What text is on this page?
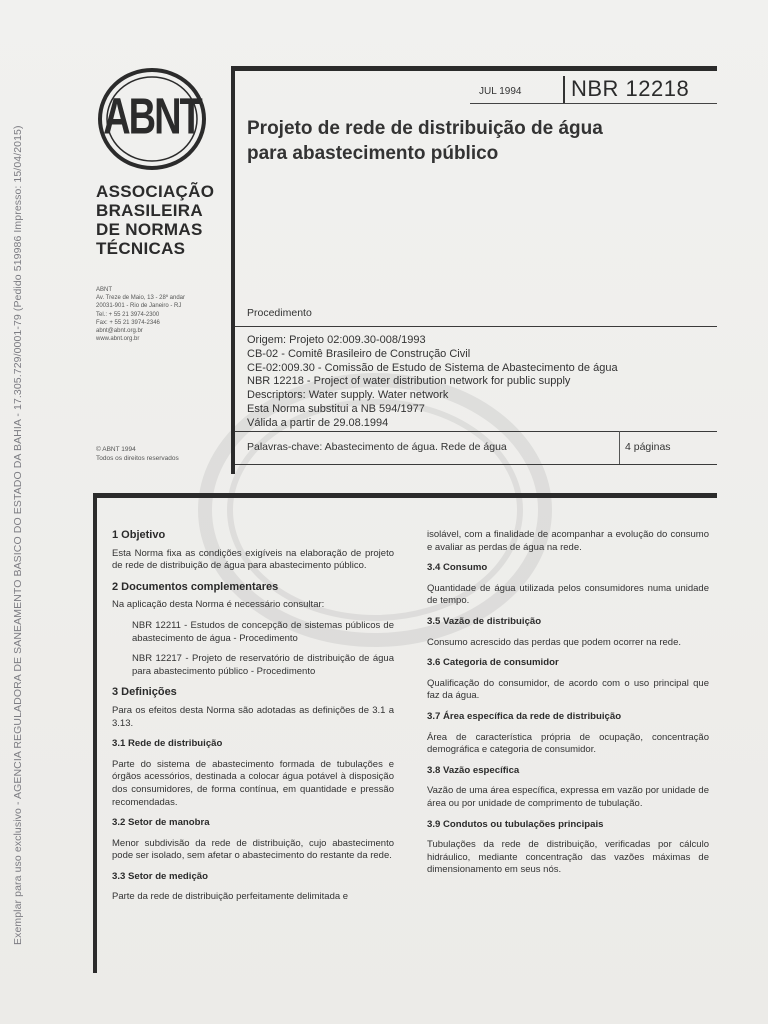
Exemplar para uso exclusivo - AGENCIA REGULADORA DE SANEAMENTO BASICO DO ESTADO DA BAHIA - 17.305.729/0001-79 (Pedido 519986 Impresso: 15/04/2015)
ABNT
ASSOCIAÇÃO
BRASILEIRA
DE NORMAS
TÉCNICAS
ABNT
Av. Treze de Maio, 13 - 28º andar
20031-901 - Rio de Janeiro - RJ
Tel.: + 55 21 3974-2300
Fax: + 55 21 3974-2346
abnt@abnt.org.br
www.abnt.org.br
© ABNT 1994
Todos os direitos reservados
JUL 1994 NBR 12218
Projeto de rede de distribuição de água
para abastecimento público
Procedimento
Origem: Projeto 02:009.30-008/1993
CB-02 - Comitê Brasileiro de Construção Civil
CE-02:009.30 - Comissão de Estudo de Sistema de Abastecimento de água
NBR 12218 - Project of water distribution network for public supply
Descriptors: Water supply. Water network
Esta Norma substitui a NB 594/1977
Válida a partir de 29.08.1994
Palavras-chave: Abastecimento de água. Rede de água	4 páginas
1 Objetivo
Esta Norma fixa as condições exigíveis na elaboração de projeto de rede de distribuição de água para abastecimento público.
2 Documentos complementares
Na aplicação desta Norma é necessário consultar:
NBR 12211 - Estudos de concepção de sistemas públicos de abastecimento de água - Procedimento
NBR 12217 - Projeto de reservatório de distribuição de água para abastecimento público - Procedimento
3 Definições
Para os efeitos desta Norma são adotadas as definições de 3.1 a 3.13.
3.1 Rede de distribuição
Parte do sistema de abastecimento formada de tubulações e órgãos acessórios, destinada a colocar água potável à disposição dos consumidores, de forma contínua, em quantidade e pressão recomendadas.
3.2 Setor de manobra
Menor subdivisão da rede de distribuição, cujo abastecimento pode ser isolado, sem afetar o abastecimento do restante da rede.
3.3 Setor de medição
Parte da rede de distribuição perfeitamente delimitada e
isolável, com a finalidade de acompanhar a evolução do consumo e avaliar as perdas de água na rede.
3.4 Consumo
Quantidade de água utilizada pelos consumidores numa unidade de tempo.
3.5 Vazão de distribuição
Consumo acrescido das perdas que podem ocorrer na rede.
3.6 Categoria de consumidor
Qualificação do consumidor, de acordo com o uso principal que faz da água.
3.7 Área específica da rede de distribuição
Área de característica própria de ocupação, concentração demográfica e categoria de consumidor.
3.8 Vazão específica
Vazão de uma área específica, expressa em vazão por unidade de área ou por unidade de comprimento de tubulação.
3.9 Condutos ou tubulações principais
Tubulações da rede de distribuição, verificadas por cálculo hidráulico, mediante concentração das vazões máximas de dimensionamento em seus nós.
